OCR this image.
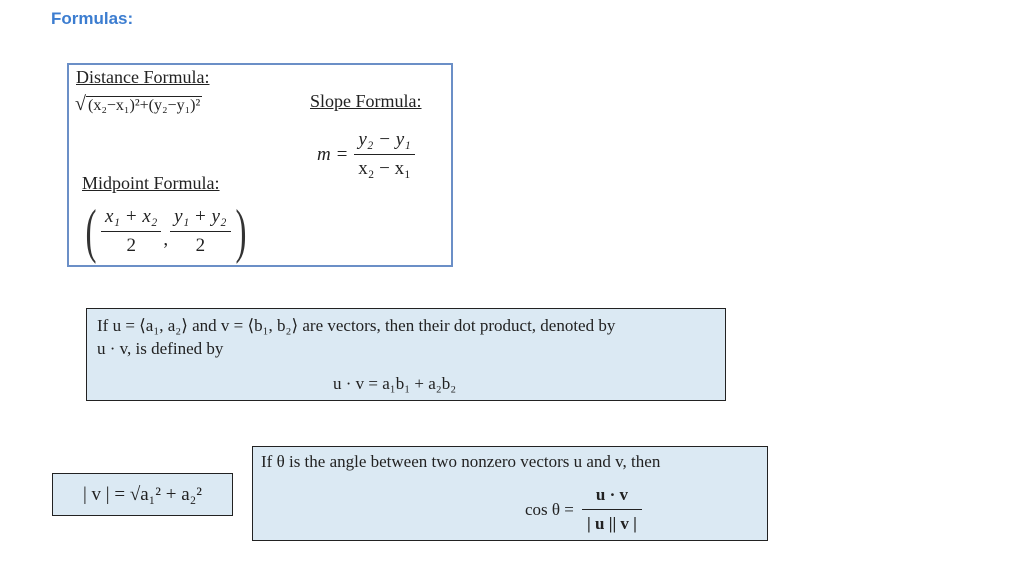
Formulas:
Distance Formula:
√ (x₂−x₁)²+(y₂−y₁)²	Slope Formula:
$m = \frac{\text{y₂ − y₁}}{\text{x₂ − x₁}}$
Midpoint Formula:
( $\frac{\text{x₁ + x₂}}{2}$ , $\frac{\text{y₁ + y₂}}{2}$ )
If u = ⟨a₁, a₂⟩ and v = ⟨b₁, b₂⟩ are vectors, then their dot product, denoted by
u · v, is defined by
u · v = a₁b₁ + a₂b₂
| v | = √a₁² + a₂²
If θ is the angle between two nonzero vectors u and v, then
$\cos \theta = \frac{u \cdot v}{| u || v |}$
